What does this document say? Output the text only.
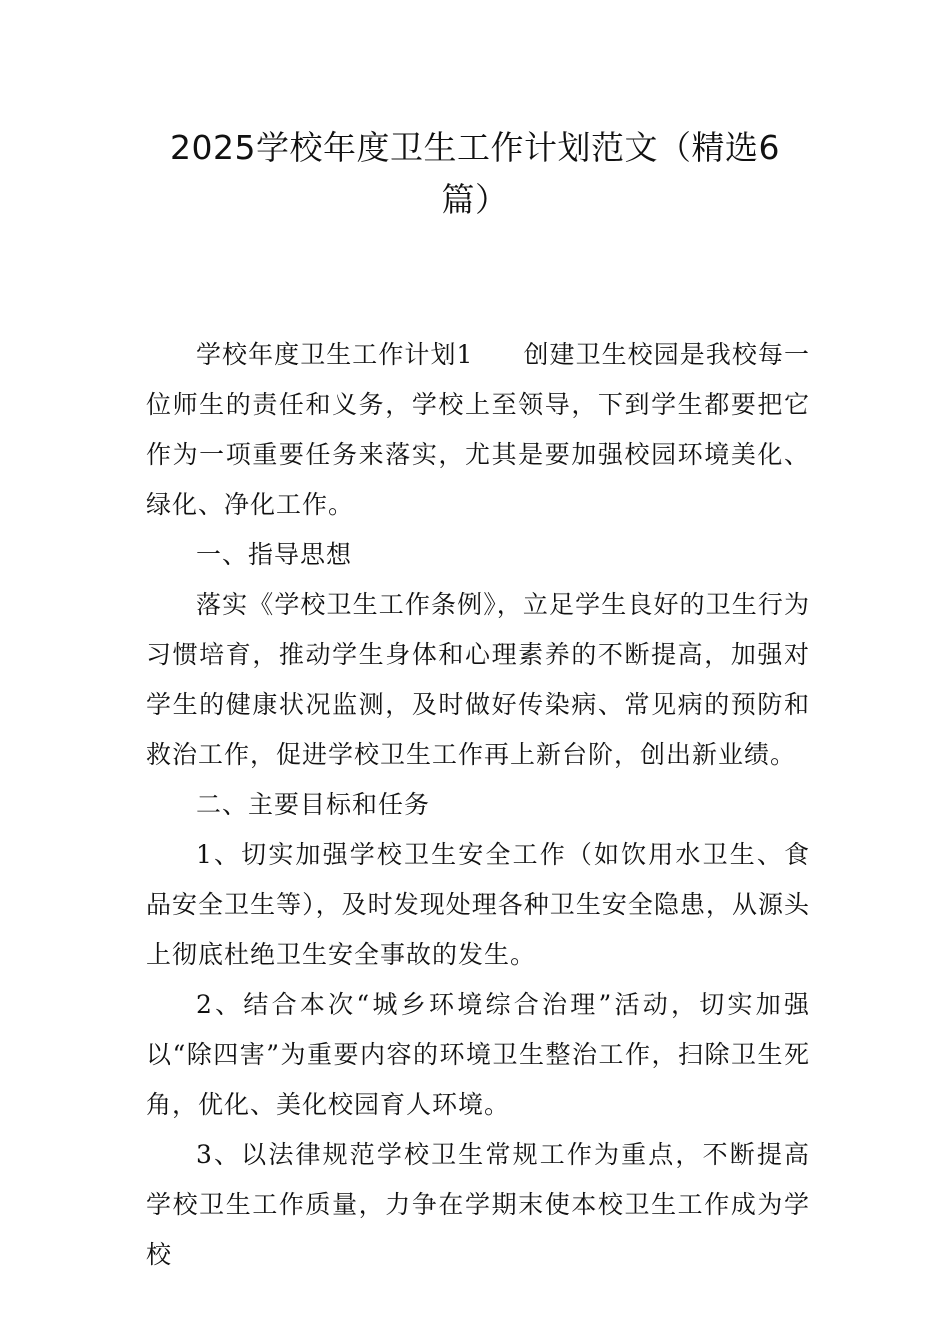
2025学校年度卫生工作计划范文（精选6
篇）

学校年度卫生工作计划1 创建卫生校园是我校每一位师生的责任和义务，学校上至领导，下到学生都要把它作为一项重要任务来落实，尤其是要加强校园环境美化、绿化、净化工作。

一、指导思想

落实《学校卫生工作条例》，立足学生良好的卫生行为习惯培育，推动学生身体和心理素养的不断提高，加强对学生的健康状况监测，及时做好传染病、常见病的预防和救治工作，促进学校卫生工作再上新台阶，创出新业绩。

二、主要目标和任务

1、切实加强学校卫生安全工作（如饮用水卫生、食品安全卫生等），及时发现处理各种卫生安全隐患，从源头上彻底杜绝卫生安全事故的发生。

2、结合本次“城乡环境综合治理”活动，切实加强以“除四害”为重要内容的环境卫生整治工作，扫除卫生死角，优化、美化校园育人环境。

3、以法律规范学校卫生常规工作为重点，不断提高学校卫生工作质量，力争在学期末使本校卫生工作成为学校
